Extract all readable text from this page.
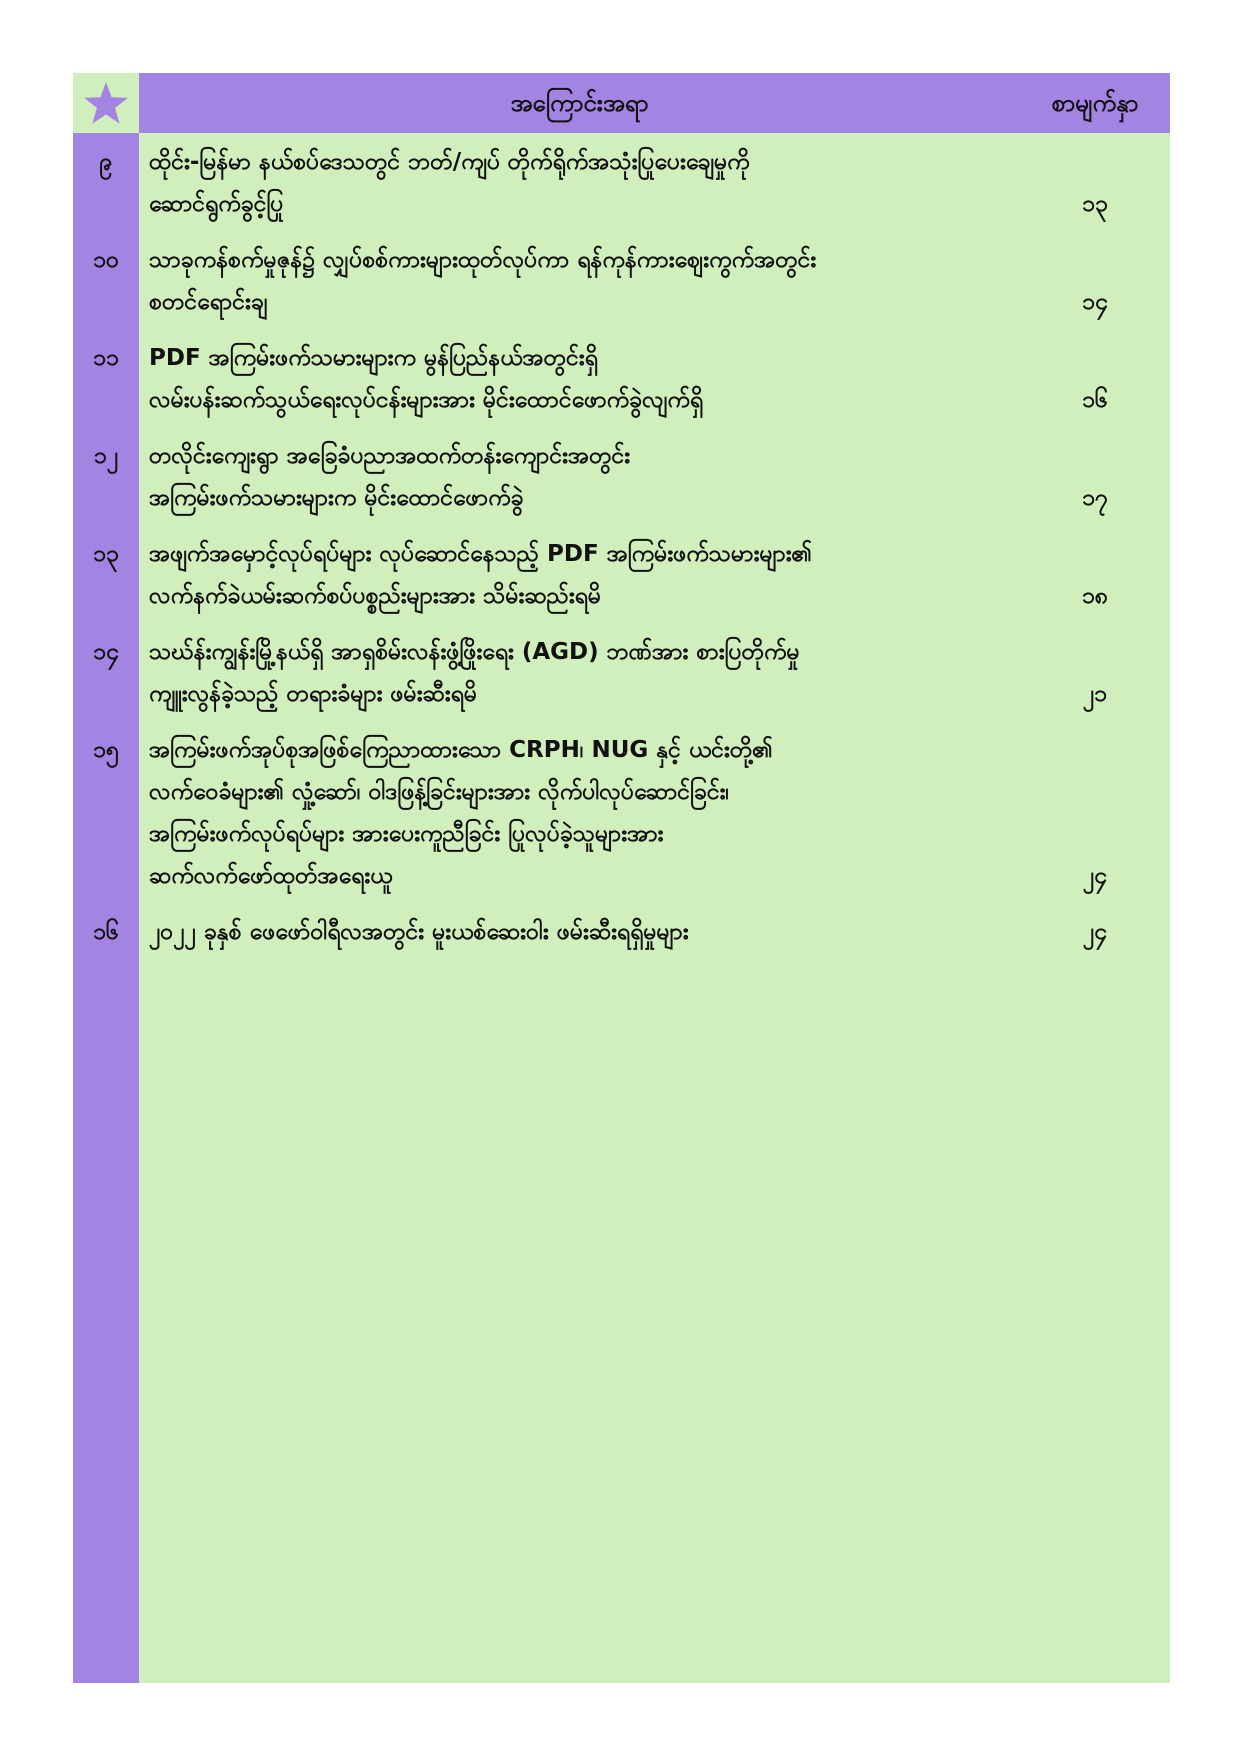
အကြောင်းအရာ	စာမျက်နှာ
၉	ထိုင်း-မြန်မာ နယ်စပ်ဒေသတွင် ဘတ်/ကျပ် တိုက်ရိုက်အသုံးပြုပေးချေမှုကို
ဆောင်ရွက်ခွင့်ပြု	၁၃
၁၀	သာခုကန်စက်မှုဇုန်၌ လျှပ်စစ်ကားများထုတ်လုပ်ကာ ရန်ကုန်ကားဈေးကွက်အတွင်း
စတင်ရောင်းချ	၁၄
၁၁	PDF အကြမ်းဖက်သမားများက မွန်ပြည်နယ်အတွင်းရှိ
လမ်းပန်းဆက်သွယ်ရေးလုပ်ငန်းများအား မိုင်းထောင်ဖောက်ခွဲလျက်ရှိ	၁၆
၁၂	တလိုင်းကျေးရွာ အခြေခံပညာအထက်တန်းကျောင်းအတွင်း
အကြမ်းဖက်သမားများက မိုင်းထောင်ဖောက်ခွဲ	၁၇
၁၃	အဖျက်အမှောင့်လုပ်ရပ်များ လုပ်ဆောင်နေသည့် PDF အကြမ်းဖက်သမားများ၏
လက်နက်ခဲယမ်းဆက်စပ်ပစ္စည်းများအား သိမ်းဆည်းရမိ	၁၈
၁၄	သဃ်န်းကျွန်းမြို့နယ်ရှိ အာရှစိမ်းလန်းဖွံ့ဖြိုးရေး (AGD) ဘဏ်အား စားပြတိုက်မှု
ကျူးလွန်ခဲ့သည့် တရားခံများ ဖမ်းဆီးရမိ	၂၁
၁၅	အကြမ်းဖက်အုပ်စုအဖြစ်ကြေညာထားသော CRPH၊ NUG နှင့် ယင်းတို့၏
လက်ဝေခံများ၏ လှုံ့ဆော်၊ ဝါဒဖြန့်ခြင်းများအား လိုက်ပါလုပ်ဆောင်ခြင်း၊
အကြမ်းဖက်လုပ်ရပ်များ အားပေးကူညီခြင်း ပြုလုပ်ခဲ့သူများအား
ဆက်လက်ဖော်ထုတ်အရေးယူ	၂၄
၁၆	၂၀၂၂ ခုနှစ် ဖေဖော်ဝါရီလအတွင်း မူးယစ်ဆေးဝါး ဖမ်းဆီးရရှိမှုများ	၂၄
